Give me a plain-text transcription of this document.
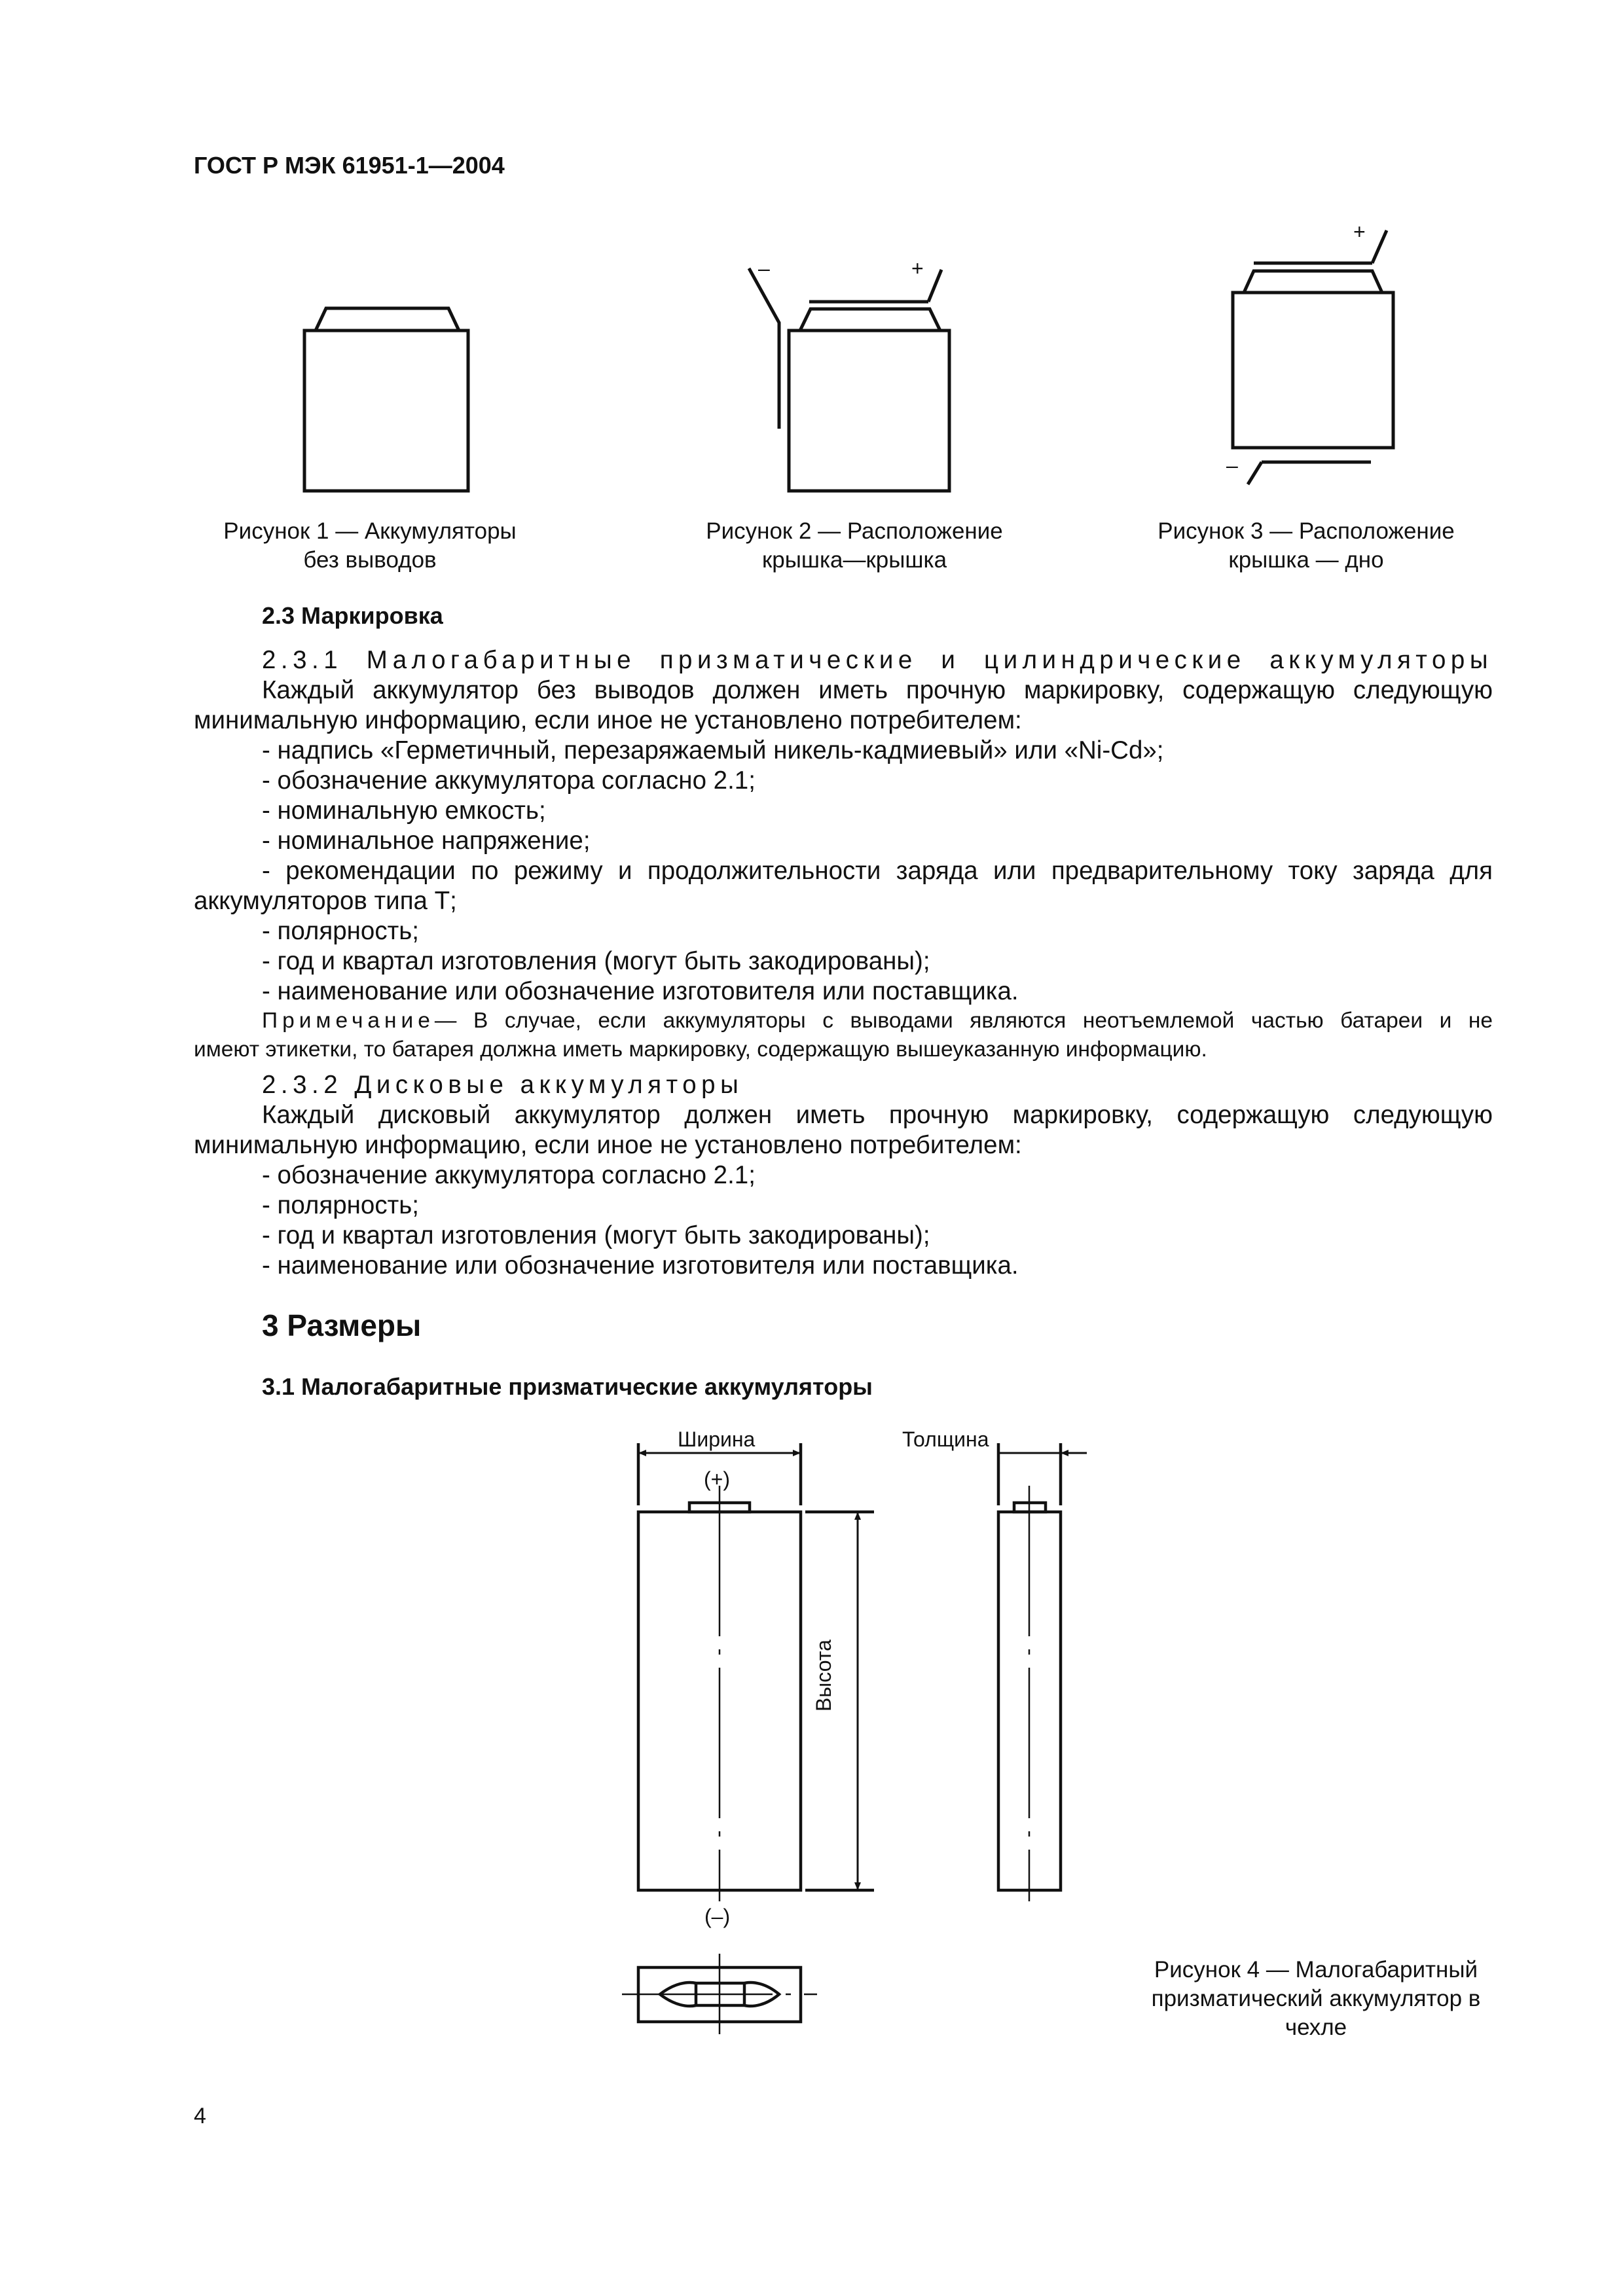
ГОСТ Р МЭК 61951-1—2004
–	+
+
–
Рисунок 1 — Аккумуляторы
без выводов
Рисунок 2 — Расположение
крышка—крышка
Рисунок 3 — Расположение
крышка — дно
2.3 Маркировка
2.3.1 Малогабаритные призматические и цилиндрические аккумуляторы
Каждый аккумулятор без выводов должен иметь прочную маркировку, содержащую следующую
минимальную информацию, если иное не установлено потребителем:
- надпись «Герметичный, перезаряжаемый никель-кадмиевый» или «Ni-Cd»;
- обозначение аккумулятора согласно 2.1;
- номинальную емкость;
- номинальное напряжение;
- рекомендации по режиму и продолжительности заряда или предварительному току заряда для
аккумуляторов типа Т;
- полярность;
- год и квартал изготовления (могут быть закодированы);
- наименование или обозначение изготовителя или поставщика.
Примечание — В случае, если аккумуляторы с выводами являются неотъемлемой частью батареи и не
имеют этикетки, то батарея должна иметь маркировку, содержащую вышеуказанную информацию.
2.3.2 Дисковые аккумуляторы
Каждый дисковый аккумулятор должен иметь прочную маркировку, содержащую следующую
минимальную информацию, если иное не установлено потребителем:
- обозначение аккумулятора согласно 2.1;
- полярность;
- год и квартал изготовления (могут быть закодированы);
- наименование или обозначение изготовителя или поставщика.
3 Размеры
3.1 Малогабаритные призматические аккумуляторы
Ширина	Толщина
(+)
(–)
Высота
Рисунок 4 — Малогабаритный
призматический аккумулятор в
чехле
4
